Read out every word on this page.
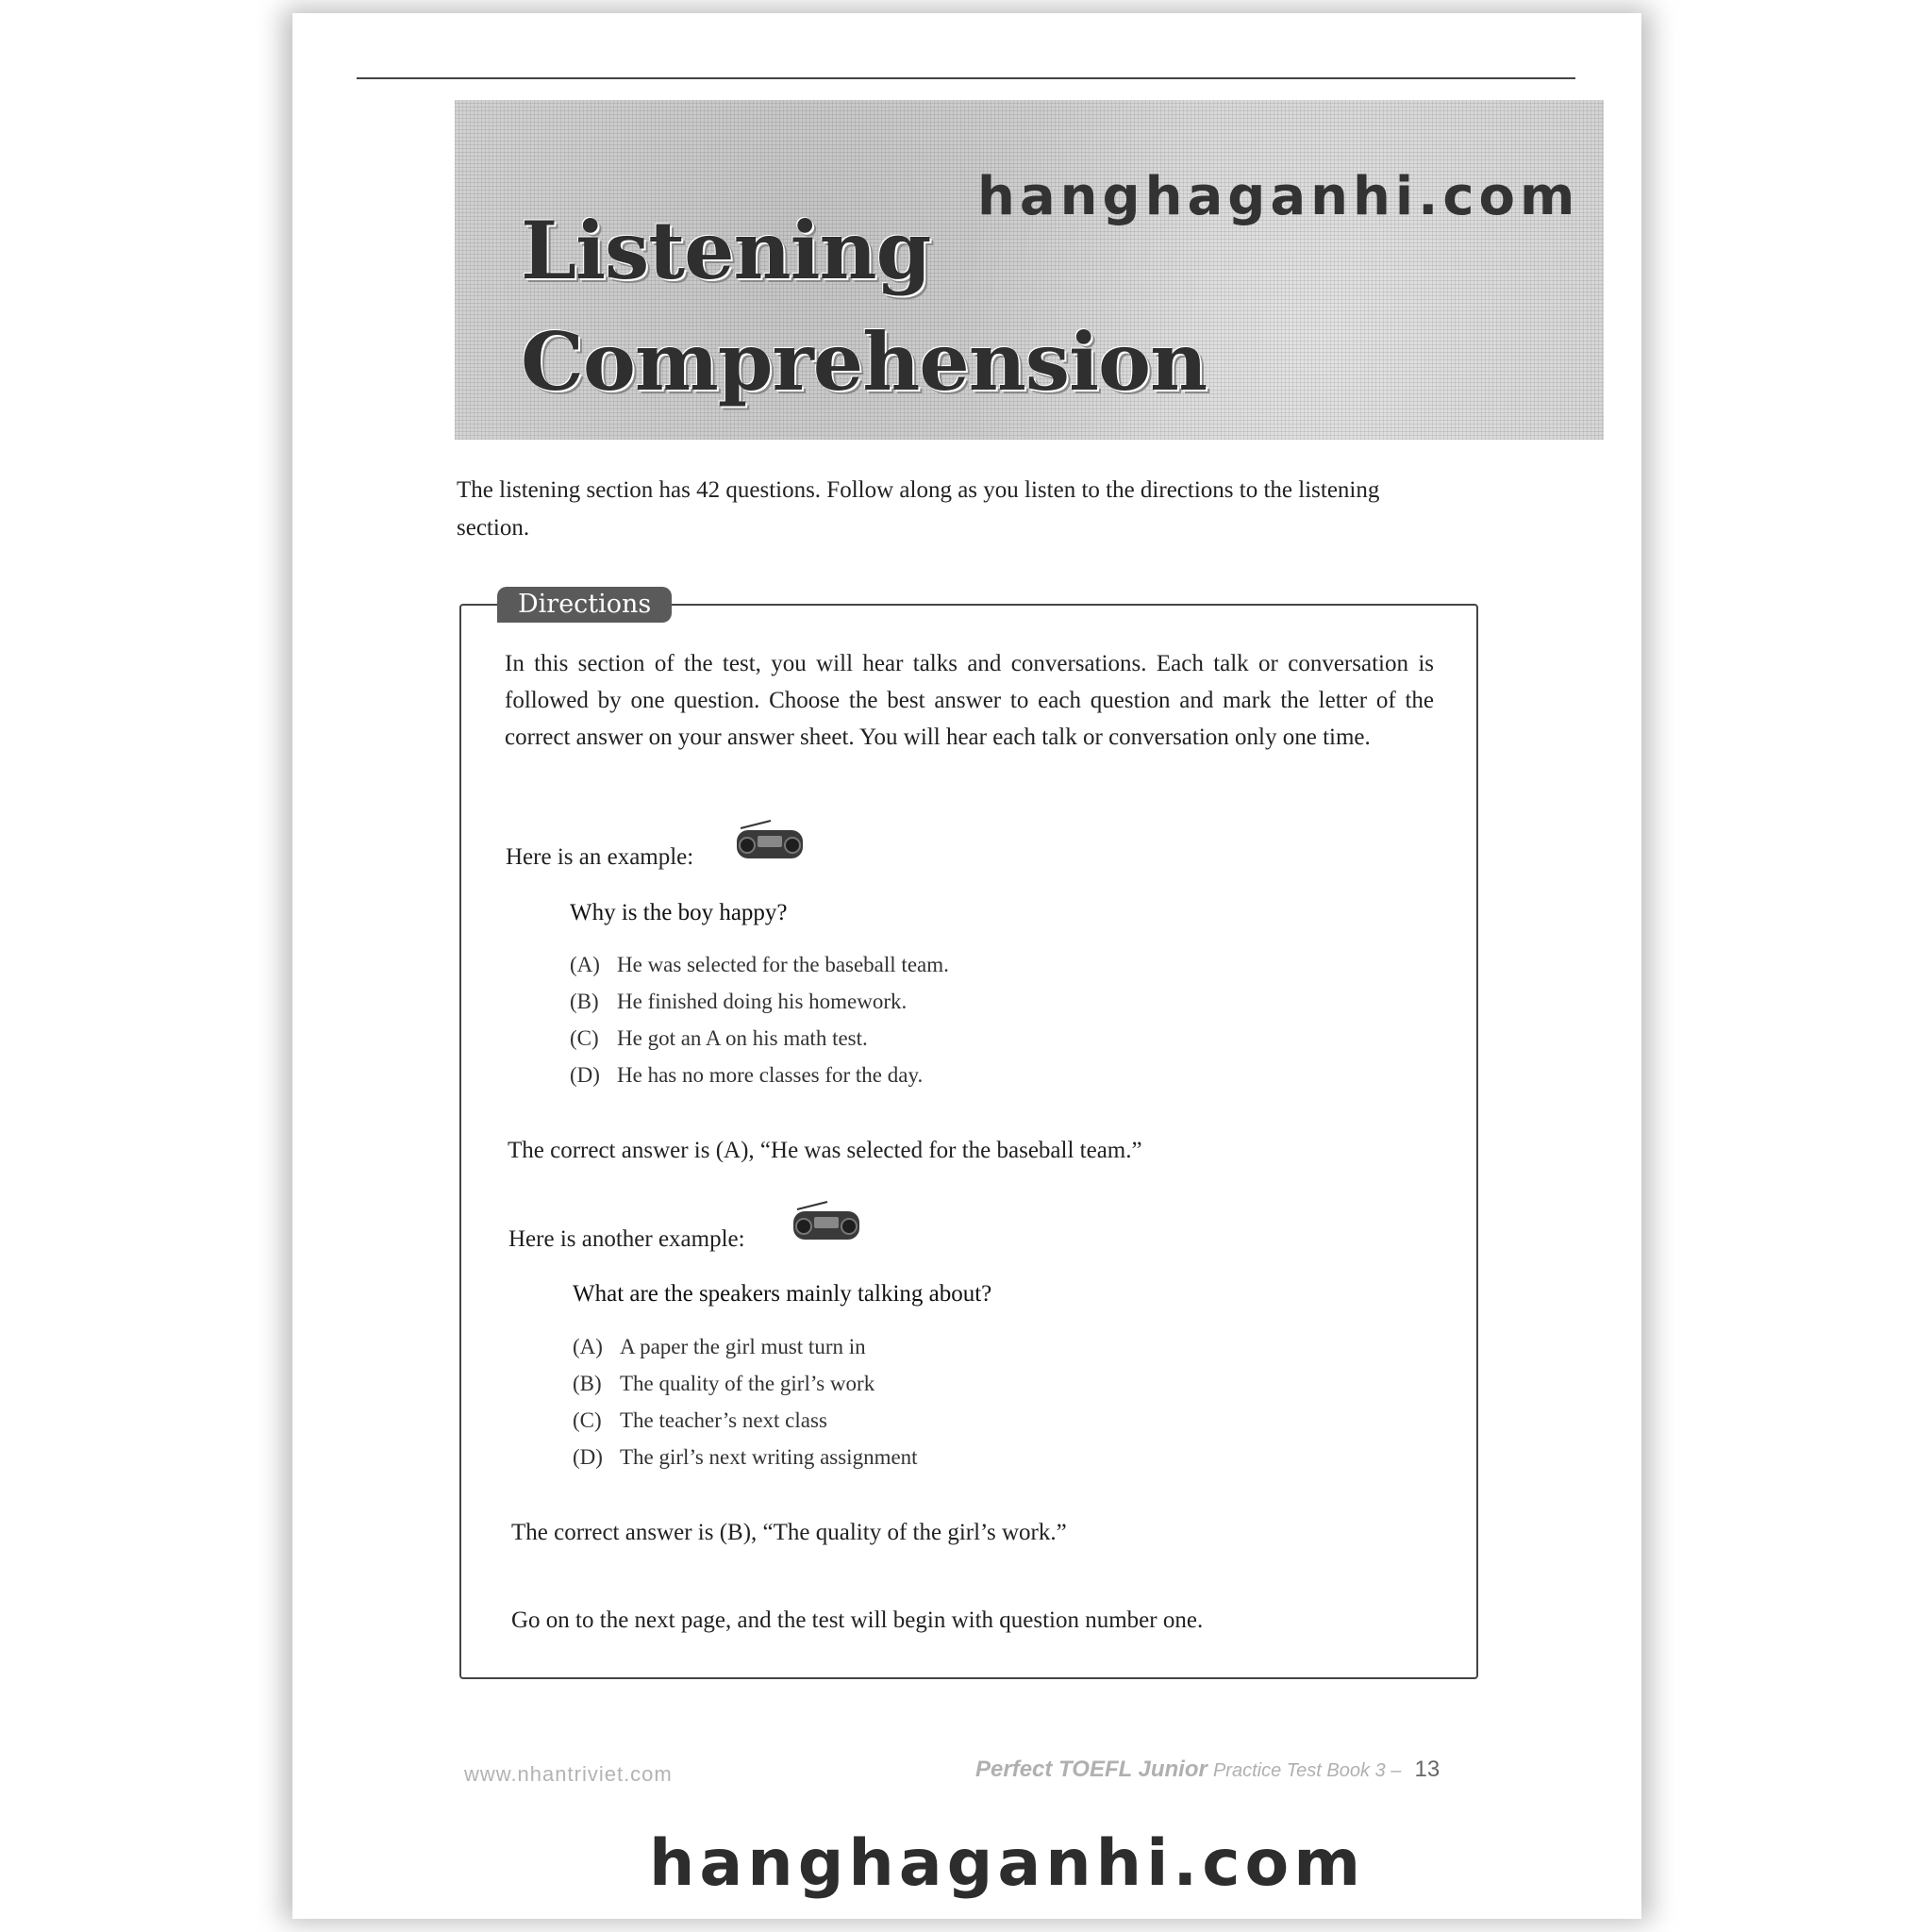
Listening
Comprehension
hanghaganhi.com

The listening section has 42 questions. Follow along as you listen to the directions to the listening section.

Directions

In this section of the test, you will hear talks and conversations. Each talk or conversation is followed by one question. Choose the best answer to each question and mark the letter of the correct answer on your answer sheet. You will hear each talk or conversation only one time.

Here is an example:
Why is the boy happy?
(A) He was selected for the baseball team.
(B) He finished doing his homework.
(C) He got an A on his math test.
(D) He has no more classes for the day.
The correct answer is (A), “He was selected for the baseball team.”
Here is another example:
What are the speakers mainly talking about?
(A) A paper the girl must turn in
(B) The quality of the girl’s work
(C) The teacher’s next class
(D) The girl’s next writing assignment
The correct answer is (B), “The quality of the girl’s work.”
Go on to the next page, and the test will begin with question number one.
www.nhantriviet.com	Perfect TOEFL Junior Practice Test Book 3 – 13
hanghaganhi.com
